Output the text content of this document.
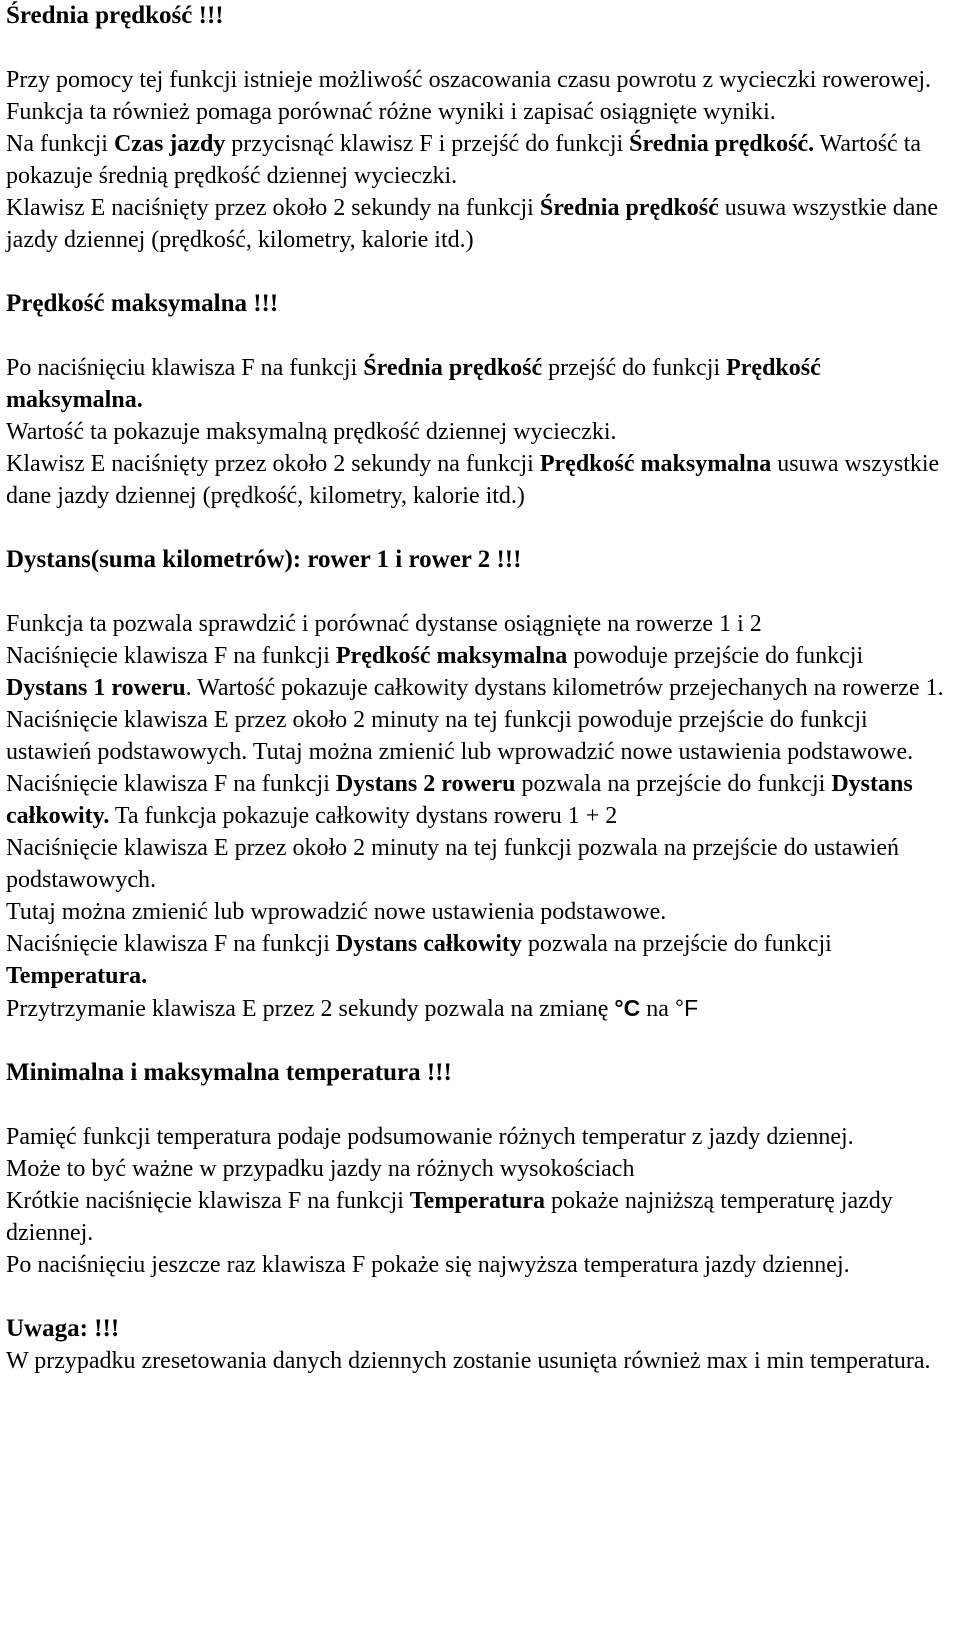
Średnia prędkość !!!

Przy pomocy tej funkcji istnieje możliwość oszacowania czasu powrotu z wycieczki rowerowej. Funkcja ta również pomaga porównać różne wyniki i zapisać osiągnięte wyniki.

Na funkcji Czas jazdy przycisnąć klawisz F i przejść do funkcji Średnia prędkość. Wartość ta pokazuje średnią prędkość dziennej wycieczki.

Klawisz E naciśnięty przez około 2 sekundy na funkcji Średnia prędkość usuwa wszystkie dane jazdy dziennej (prędkość, kilometry, kalorie itd.)

Prędkość maksymalna !!!

Po naciśnięciu klawisza F na funkcji Średnia prędkość przejść do funkcji Prędkość maksymalna.

Wartość ta pokazuje maksymalną prędkość dziennej wycieczki.

Klawisz E naciśnięty przez około 2 sekundy na funkcji Prędkość maksymalna usuwa wszystkie dane jazdy dziennej (prędkość, kilometry, kalorie itd.)

Dystans(suma kilometrów): rower 1 i rower 2 !!!

Funkcja ta pozwala sprawdzić i porównać dystanse osiągnięte na rowerze 1 i 2

Naciśnięcie klawisza F na funkcji Prędkość maksymalna powoduje przejście do funkcji Dystans 1 roweru. Wartość pokazuje całkowity dystans kilometrów przejechanych na rowerze 1.

Naciśnięcie klawisza E przez około 2 minuty na tej funkcji powoduje przejście do funkcji ustawień podstawowych. Tutaj można zmienić lub wprowadzić nowe ustawienia podstawowe.

Naciśnięcie klawisza F na funkcji Dystans 2 roweru pozwala na przejście do funkcji Dystans całkowity. Ta funkcja pokazuje całkowity dystans roweru 1 + 2

Naciśnięcie klawisza E przez około 2 minuty na tej funkcji pozwala na przejście do ustawień podstawowych.

Tutaj można zmienić lub wprowadzić nowe ustawienia podstawowe.

Naciśnięcie klawisza F na funkcji Dystans całkowity pozwala na przejście do funkcji Temperatura.

Przytrzymanie klawisza E przez 2 sekundy pozwala na zmianę °C na °F

Minimalna i maksymalna temperatura !!!

Pamięć funkcji temperatura podaje podsumowanie różnych temperatur z jazdy dziennej.

Może to być ważne w przypadku jazdy na różnych wysokościach

Krótkie naciśnięcie klawisza F na funkcji Temperatura pokaże najniższą temperaturę jazdy dziennej.

Po naciśnięciu jeszcze raz klawisza F pokaże się najwyższa temperatura jazdy dziennej.

Uwaga: !!!

W przypadku zresetowania danych dziennych zostanie usunięta również max i min temperatura.
